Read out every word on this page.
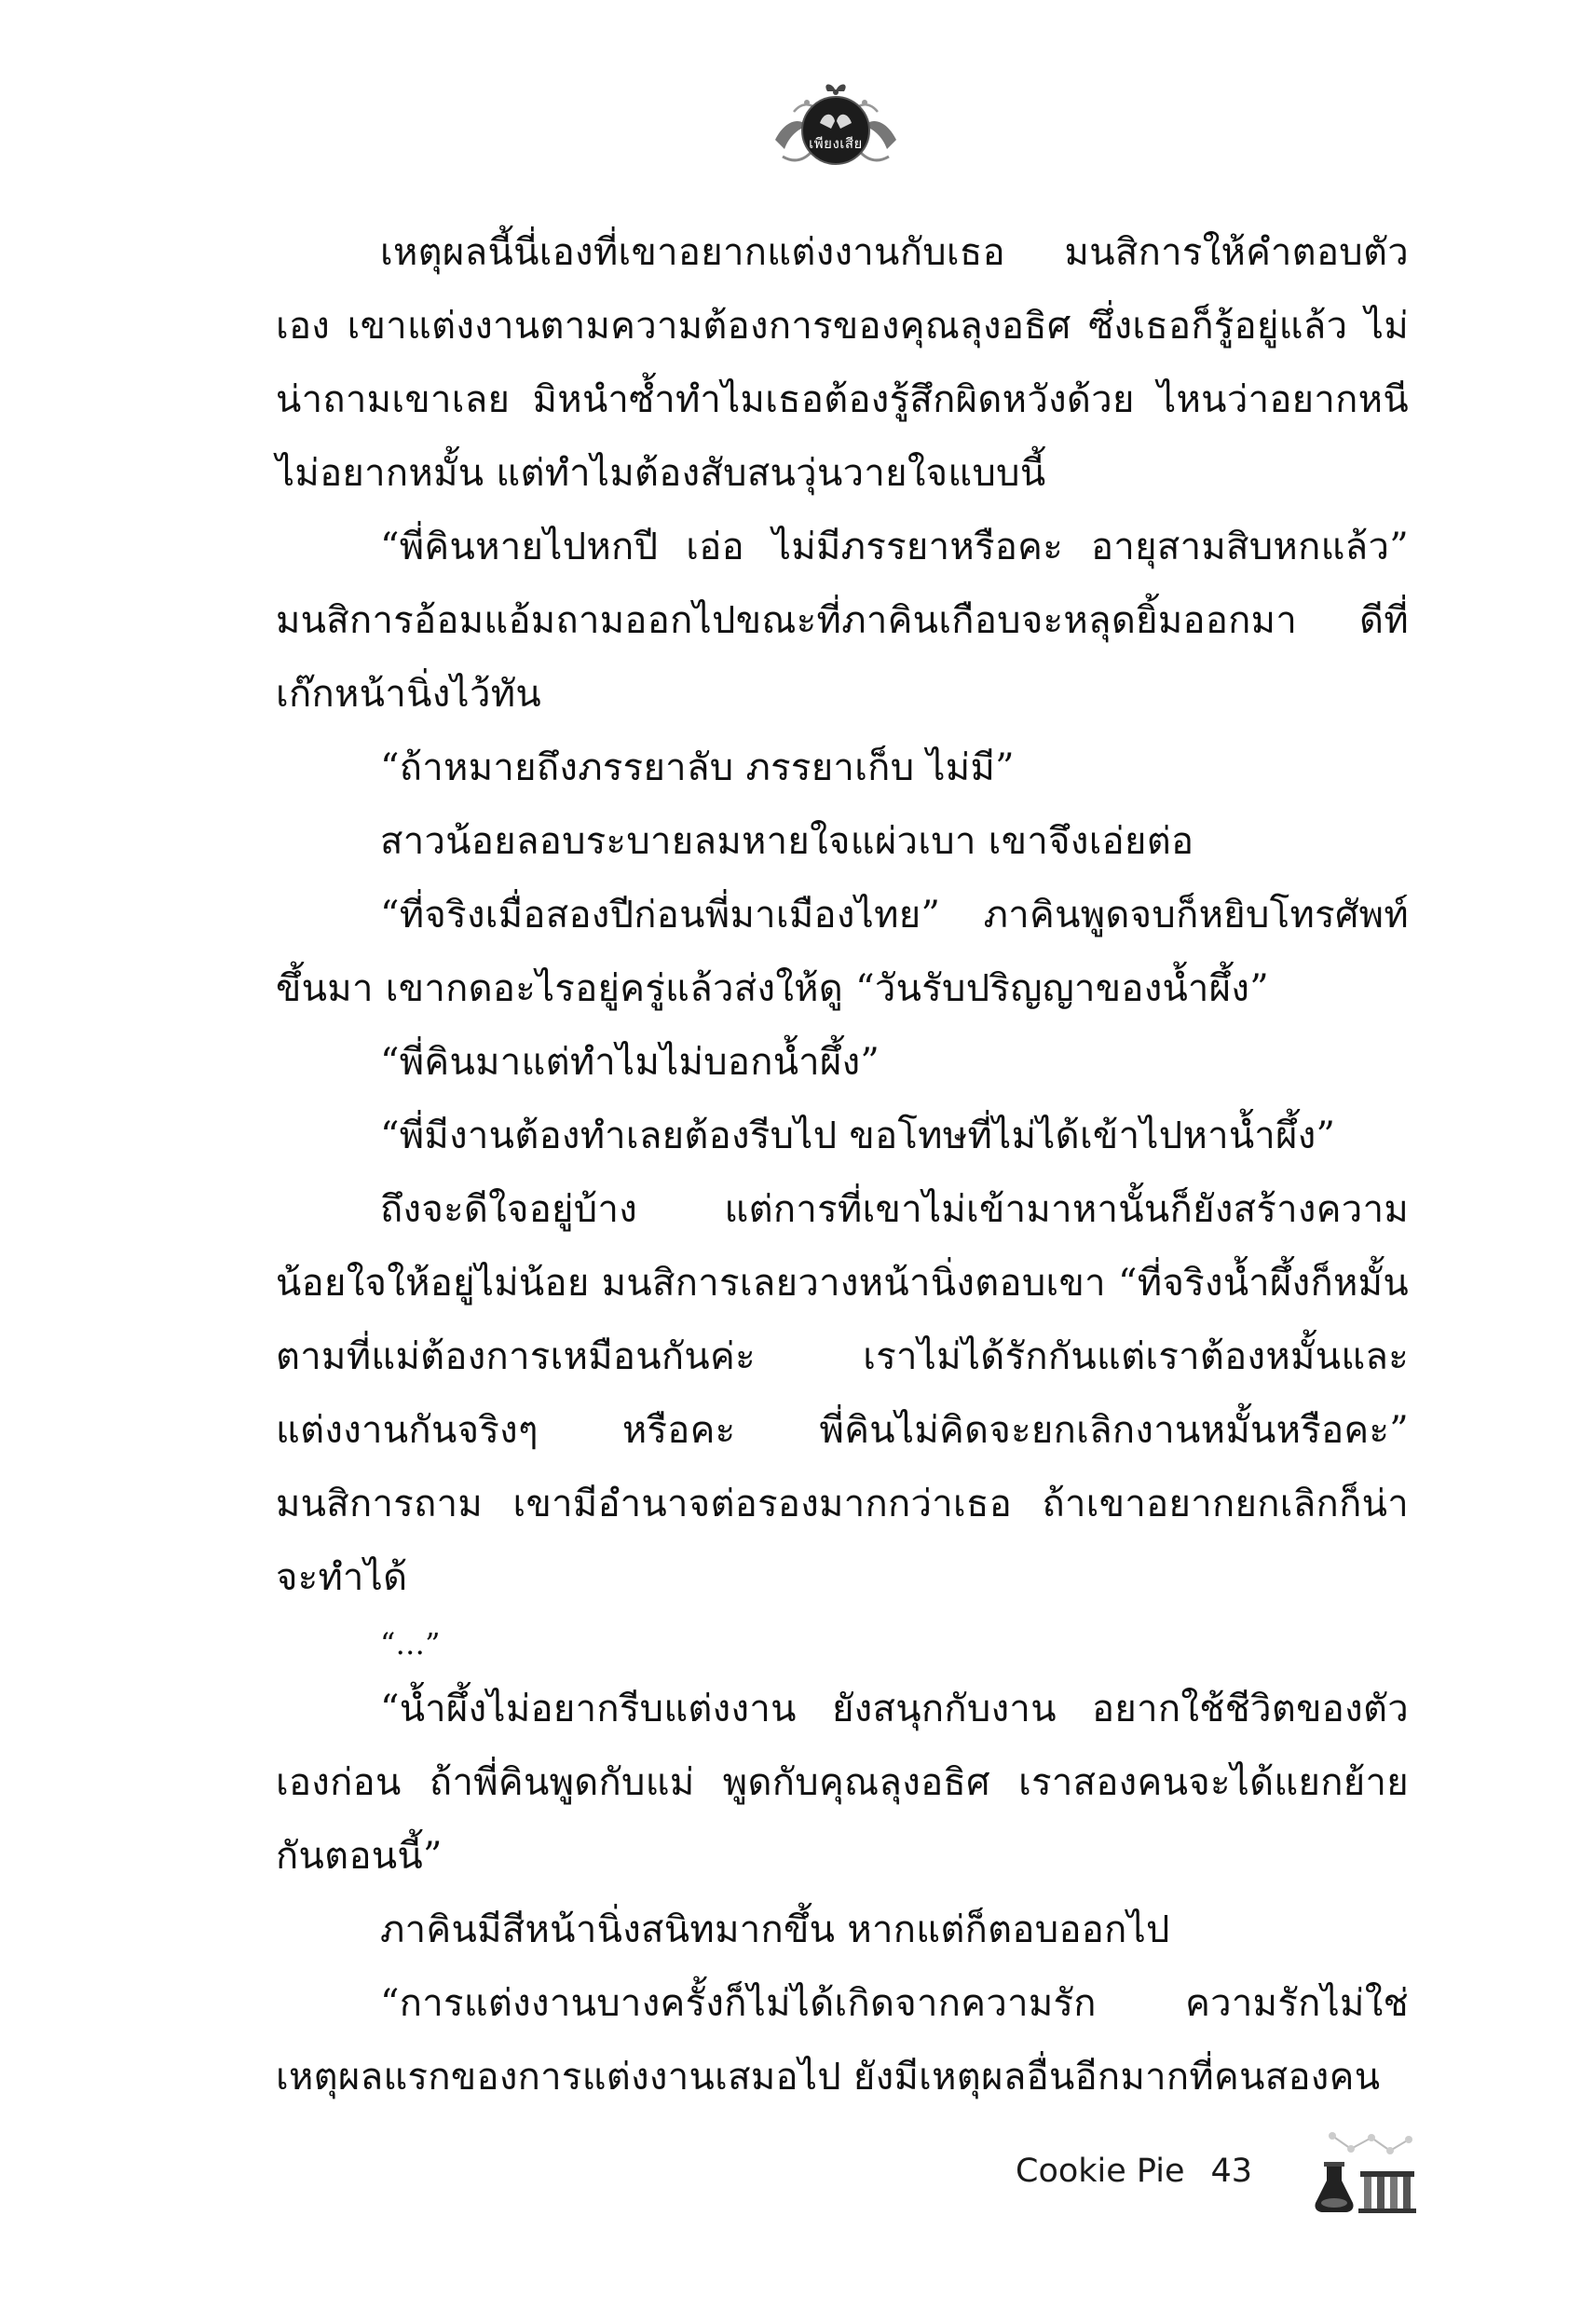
เพียงเสีย

เหตุผลนี้นี่เองที่เขาอยากแต่งงานกับเธอ มนสิการให้คำตอบตัวเอง เขาแต่งงานตามความต้องการของคุณลุงอธิศ ซึ่งเธอก็รู้อยู่แล้ว ไม่น่าถามเขาเลย มิหนำซ้ำทำไมเธอต้องรู้สึกผิดหวังด้วย ไหนว่าอยากหนี ไม่อยากหมั้น แต่ทำไมต้องสับสนวุ่นวายใจแบบนี้

“พี่คินหายไปหกปี เอ่อ ไม่มีภรรยาหรือคะ อายุสามสิบหกแล้ว” มนสิการอ้อมแอ้มถามออกไปขณะที่ภาคินเกือบจะหลุดยิ้มออกมา ดีที่เก๊กหน้านิ่งไว้ทัน

“ถ้าหมายถึงภรรยาลับ ภรรยาเก็บ ไม่มี”

สาวน้อยลอบระบายลมหายใจแผ่วเบา เขาจึงเอ่ยต่อ

“ที่จริงเมื่อสองปีก่อนพี่มาเมืองไทย” ภาคินพูดจบก็หยิบโทรศัพท์ขึ้นมา เขากดอะไรอยู่ครู่แล้วส่งให้ดู “วันรับปริญญาของน้ำผึ้ง”

“พี่คินมาแต่ทำไมไม่บอกน้ำผึ้ง”

“พี่มีงานต้องทำเลยต้องรีบไป ขอโทษที่ไม่ได้เข้าไปหาน้ำผึ้ง”

ถึงจะดีใจอยู่บ้าง แต่การที่เขาไม่เข้ามาหานั้นก็ยังสร้างความน้อยใจให้อยู่ไม่น้อย มนสิการเลยวางหน้านิ่งตอบเขา “ที่จริงน้ำผึ้งก็หมั้นตามที่แม่ต้องการเหมือนกันค่ะ เราไม่ได้รักกันแต่เราต้องหมั้นและแต่งงานกันจริงๆ หรือคะ พี่คินไม่คิดจะยกเลิกงานหมั้นหรือคะ” มนสิการถาม เขามีอำนาจต่อรองมากกว่าเธอ ถ้าเขาอยากยกเลิกก็น่าจะทำได้

“...”

“น้ำผึ้งไม่อยากรีบแต่งงาน ยังสนุกกับงาน อยากใช้ชีวิตของตัวเองก่อน ถ้าพี่คินพูดกับแม่ พูดกับคุณลุงอธิศ เราสองคนจะได้แยกย้ายกันตอนนี้”

ภาคินมีสีหน้านิ่งสนิทมากขึ้น หากแต่ก็ตอบออกไป

“การแต่งงานบางครั้งก็ไม่ได้เกิดจากความรัก ความรักไม่ใช่เหตุผลแรกของการแต่งงานเสมอไป ยังมีเหตุผลอื่นอีกมากที่คนสองคน

Cookie Pie 43
